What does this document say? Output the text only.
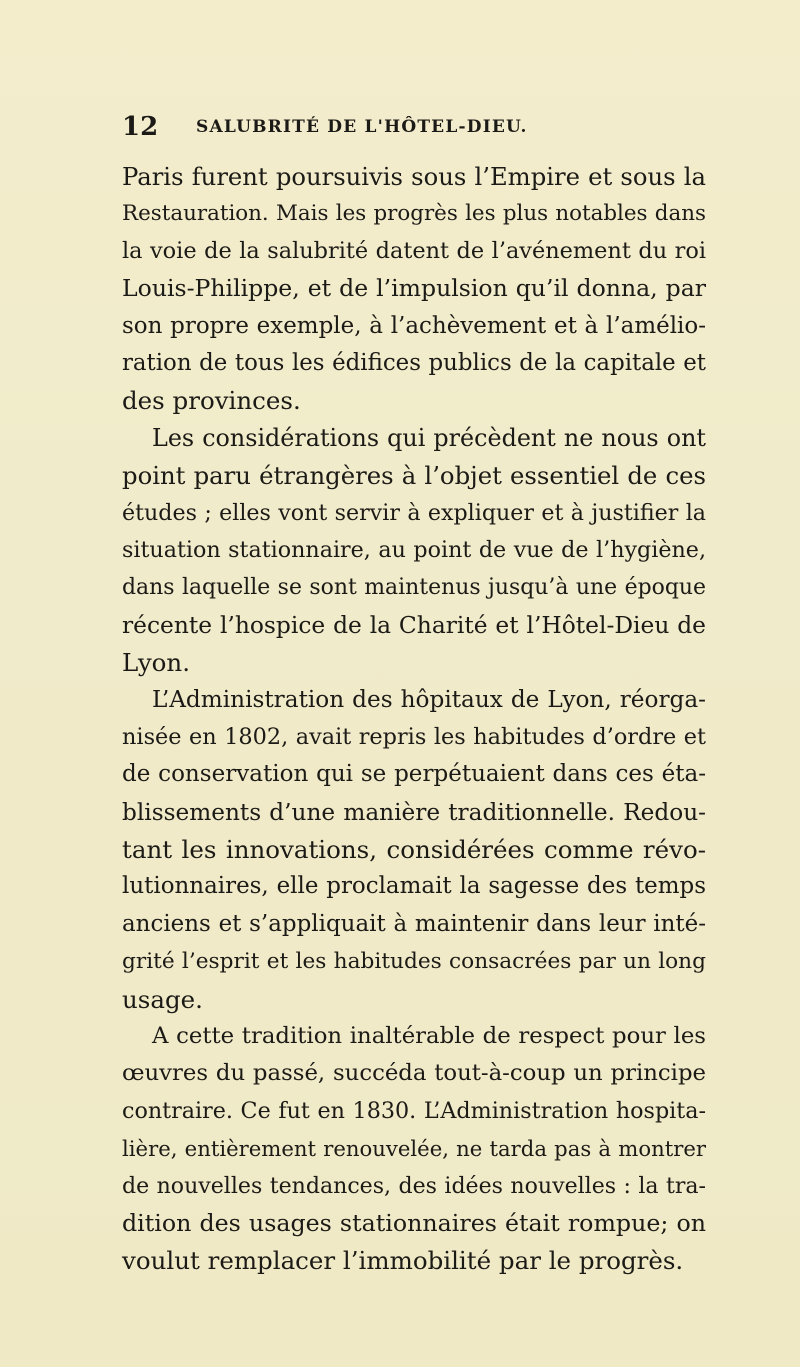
12 SALUBRITÉ DE L'HÔTEL-DIEU.
Paris furent poursuivis sous l’Empire et sous la
Restauration. Mais les progrès les plus notables dans
la voie de la salubrité datent de l’avénement du roi
Louis-Philippe, et de l’impulsion qu’il donna, par
son propre exemple, à l’achèvement et à l’amélio-
ration de tous les édifices publics de la capitale et
des provinces.
Les considérations qui précèdent ne nous ont
point paru étrangères à l’objet essentiel de ces
études ; elles vont servir à expliquer et à justifier la
situation stationnaire, au point de vue de l’hygiène,
dans laquelle se sont maintenus jusqu’à une époque
récente l’hospice de la Charité et l’Hôtel-Dieu de
Lyon.
L’Administration des hôpitaux de Lyon, réorga-
nisée en 1802, avait repris les habitudes d’ordre et
de conservation qui se perpétuaient dans ces éta-
blissements d’une manière traditionnelle. Redou-
tant les innovations, considérées comme révo-
lutionnaires, elle proclamait la sagesse des temps
anciens et s’appliquait à maintenir dans leur inté-
grité l’esprit et les habitudes consacrées par un long
usage.
A cette tradition inaltérable de respect pour les
œuvres du passé, succéda tout-à-coup un principe
contraire. Ce fut en 1830. L’Administration hospita-
lière, entièrement renouvelée, ne tarda pas à montrer
de nouvelles tendances, des idées nouvelles : la tra-
dition des usages stationnaires était rompue; on
voulut remplacer l’immobilité par le progrès.
